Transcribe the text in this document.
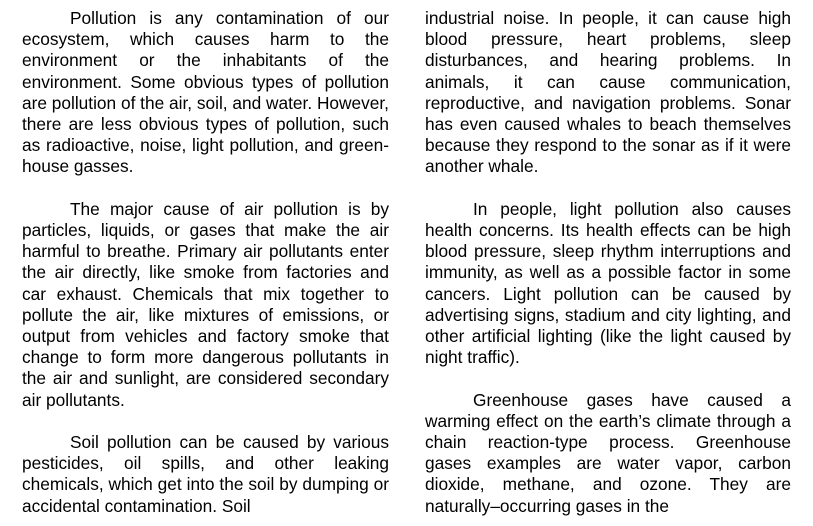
Pollution is any contamination of our ecosystem, which causes harm to the environment or the inhabitants of the environment. Some obvious types of pollution are pollution of the air, soil, and water. However, there are less obvious types of pollution, such as radioactive, noise, light pollution, and green-house gasses.

The major cause of air pollution is by particles, liquids, or gases that make the air harmful to breathe. Primary air pollutants enter the air directly, like smoke from factories and car exhaust. Chemicals that mix together to pollute the air, like mixtures of emissions, or output from vehicles and factory smoke that change to form more dangerous pollutants in the air and sunlight, are considered secondary air pollutants.

Soil pollution can be caused by various pesticides, oil spills, and other leaking chemicals, which get into the soil by dumping or accidental contamination. Soil

industrial noise. In people, it can cause high blood pressure, heart problems, sleep disturbances, and hearing problems. In animals, it can cause communication, reproductive, and navigation problems. Sonar has even caused whales to beach themselves because they respond to the sonar as if it were another whale.

In people, light pollution also causes health concerns. Its health effects can be high blood pressure, sleep rhythm interruptions and immunity, as well as a possible factor in some cancers. Light pollution can be caused by advertising signs, stadium and city lighting, and other artificial lighting (like the light caused by night traffic).

Greenhouse gases have caused a warming effect on the earth’s climate through a chain reaction-type process. Greenhouse gases examples are water vapor, carbon dioxide, methane, and ozone. They are naturally–occurring gases in the
